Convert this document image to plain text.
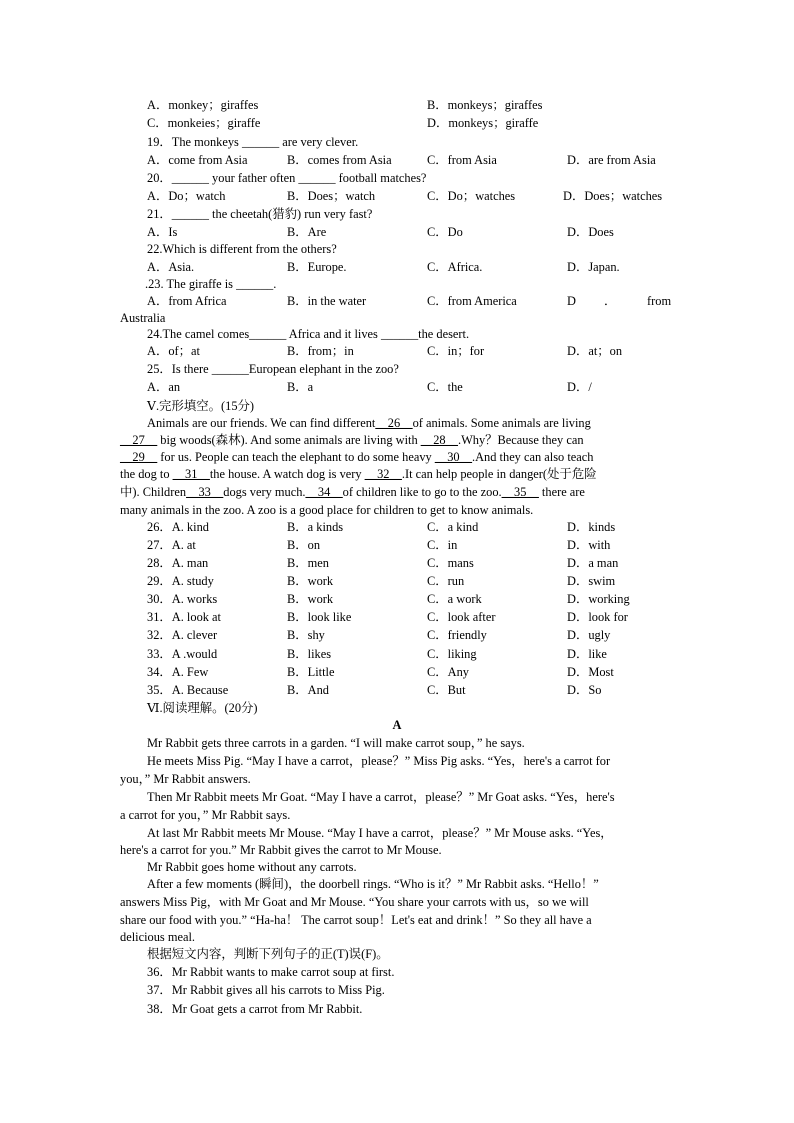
A．monkey；giraffes	B．monkeys；giraffes
C．monkeies；giraffe	D．monkeys；giraffe
19．The monkeys ______ are very clever.
A．come from Asia	B．comes from Asia	C．from Asia	D．are from Asia
20．______ your father often ______ football matches?
A．Do；watch	B．Does；watch	C．Do；watches	D．Does；watches
21．______ the cheetah(猎豹) run very fast?
A．Is	B．Are	C．Do	D．Does
22.Which is different from the others?
A．Asia.	B．Europe.	C．Africa.	D．Japan.
.23. The giraffe is ______.
A．from Africa	B．in the water	C．from America	D ． from
Australia
24.The camel comes______ Africa and it lives ______the desert.
A．of；at	B．from；in	C．in；for	D．at；on
25．Is there ______European elephant in the zoo?
A．an	B．a	C．the	D．/
Ⅴ.完形填空。(15分)
Animals are our friends. We can find different__26__of animals. Some animals are living
__27__ big woods(森林). And some animals are living with __28__.Why？Because they can
__29__ for us. People can teach the elephant to do some heavy __30__.And they can also teach
the dog to __31__the house. A watch dog is very __32__.It can help people in danger(处于危险
中). Children__33__dogs very much.__34__of children like to go to the zoo.__35__ there are
many animals in the zoo. A zoo is a good place for children to get to know animals.
26．A. kind	B．a kinds	C．a kind	D．kinds
27．A. at	B．on	C．in	D．with
28．A. man	B．men	C．mans	D．a man
29．A. study	B．work	C．run	D．swim
30．A. works	B．work	C．a work	D．working
31．A. look at	B．look like	C．look after	D．look for
32．A. clever	B．shy	C．friendly	D．ugly
33．A .would	B．likes	C．liking	D．like
34．A. Few	B．Little	C．Any	D．Most
35．A. Because	B．And	C．But	D．So
Ⅵ.阅读理解。(20分)
A
Mr Rabbit gets three carrots in a garden. “I will make carrot soup，” he says.
He meets Miss Pig. “May I have a carrot，please？” Miss Pig asks. “Yes，here's a carrot for
you，” Mr Rabbit answers.
Then Mr Rabbit meets Mr Goat. “May I have a carrot，please？” Mr Goat asks. “Yes，here's
a carrot for you，” Mr Rabbit says.
At last Mr Rabbit meets Mr Mouse. “May I have a carrot，please？” Mr Mouse asks. “Yes，
here's a carrot for you.” Mr Rabbit gives the carrot to Mr Mouse.
Mr Rabbit goes home without any carrots.
After a few moments (瞬间)，the doorbell rings. “Who is it？” Mr Rabbit asks. “Hello！”
answers Miss Pig，with Mr Goat and Mr Mouse. “You share your carrots with us，so we will
share our food with you.” “Ha-ha！ The carrot soup！Let's eat and drink！” So they all have a
delicious meal.
根据短文内容，判断下列句子的正(T)误(F)。
36．Mr Rabbit wants to make carrot soup at first.
37．Mr Rabbit gives all his carrots to Miss Pig.
38．Mr Goat gets a carrot from Mr Rabbit.
